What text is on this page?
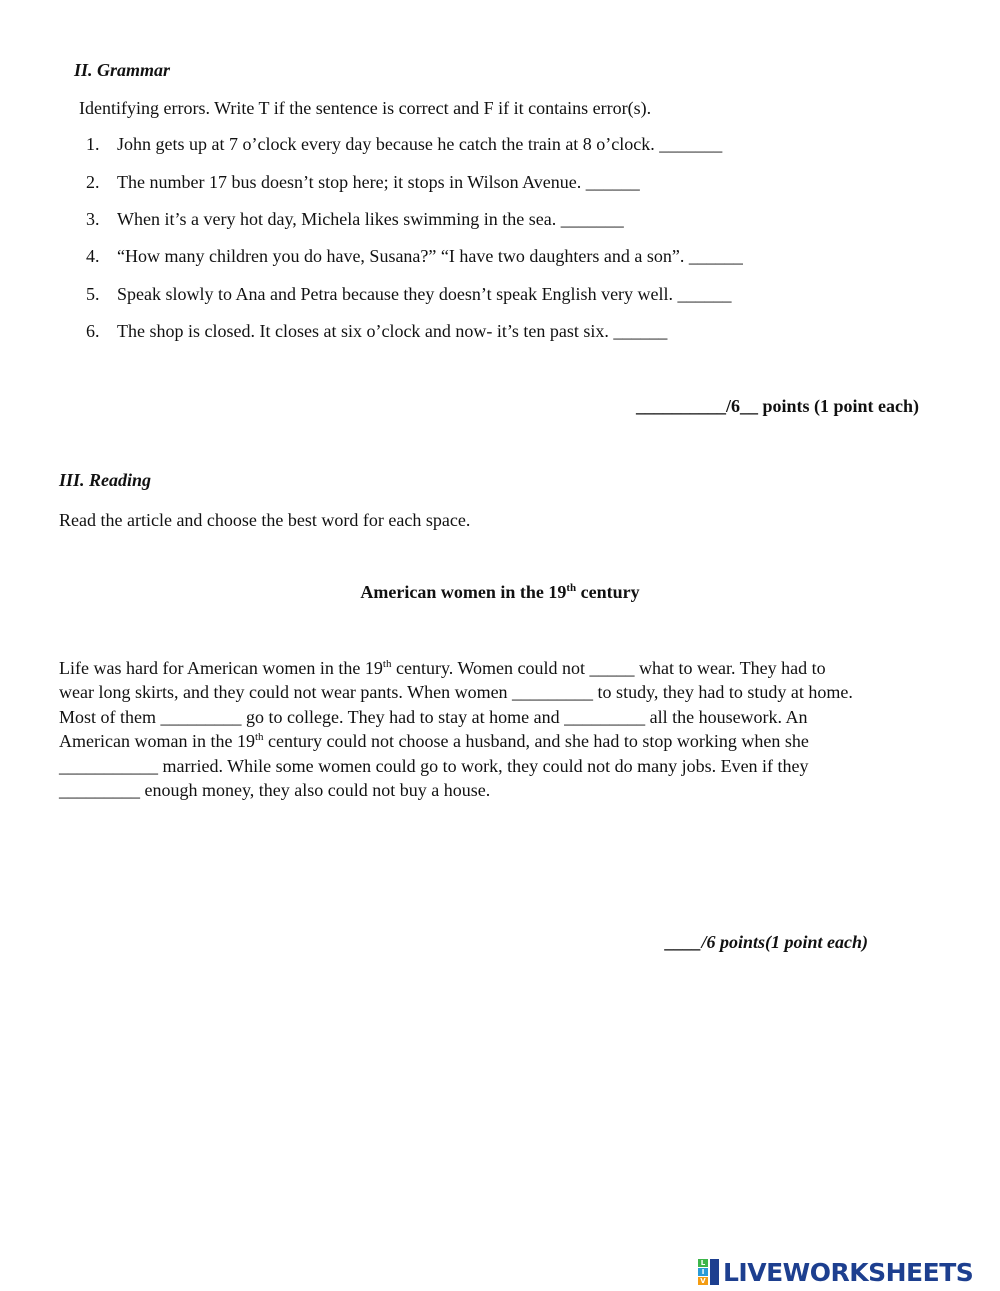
II. Grammar
Identifying errors. Write T if the sentence is correct and F if it contains error(s).
1. John gets up at 7 o’clock every day because he catch the train at 8 o’clock. _______
2. The number 17 bus doesn’t stop here; it stops in Wilson Avenue. ______
3. When it’s a very hot day, Michela likes swimming in the sea. _______
4. “How many children you do have, Susana?” “I have two daughters and a son”. ______
5. Speak slowly to Ana and Petra because they doesn’t speak English very well. ______
6. The shop is closed. It closes at six o’clock and now- it’s ten past six. ______
__________/6__ points (1 point each)
III. Reading
Read the article and choose the best word for each space.
American women in the 19th century
Life was hard for American women in the 19th century. Women could not _____ what to wear. They had to
wear long skirts, and they could not wear pants. When women _________ to study, they had to study at home.
Most of them _________ go to college. They had to stay at home and _________ all the housework. An
American woman in the 19th century could not choose a husband, and she had to stop working when she
___________ married. While some women could go to work, they could not do many jobs. Even if they
_________ enough money, they also could not buy a house.
____/6 points(1 point each)
L
I
V LIVEWORKSHEETS
